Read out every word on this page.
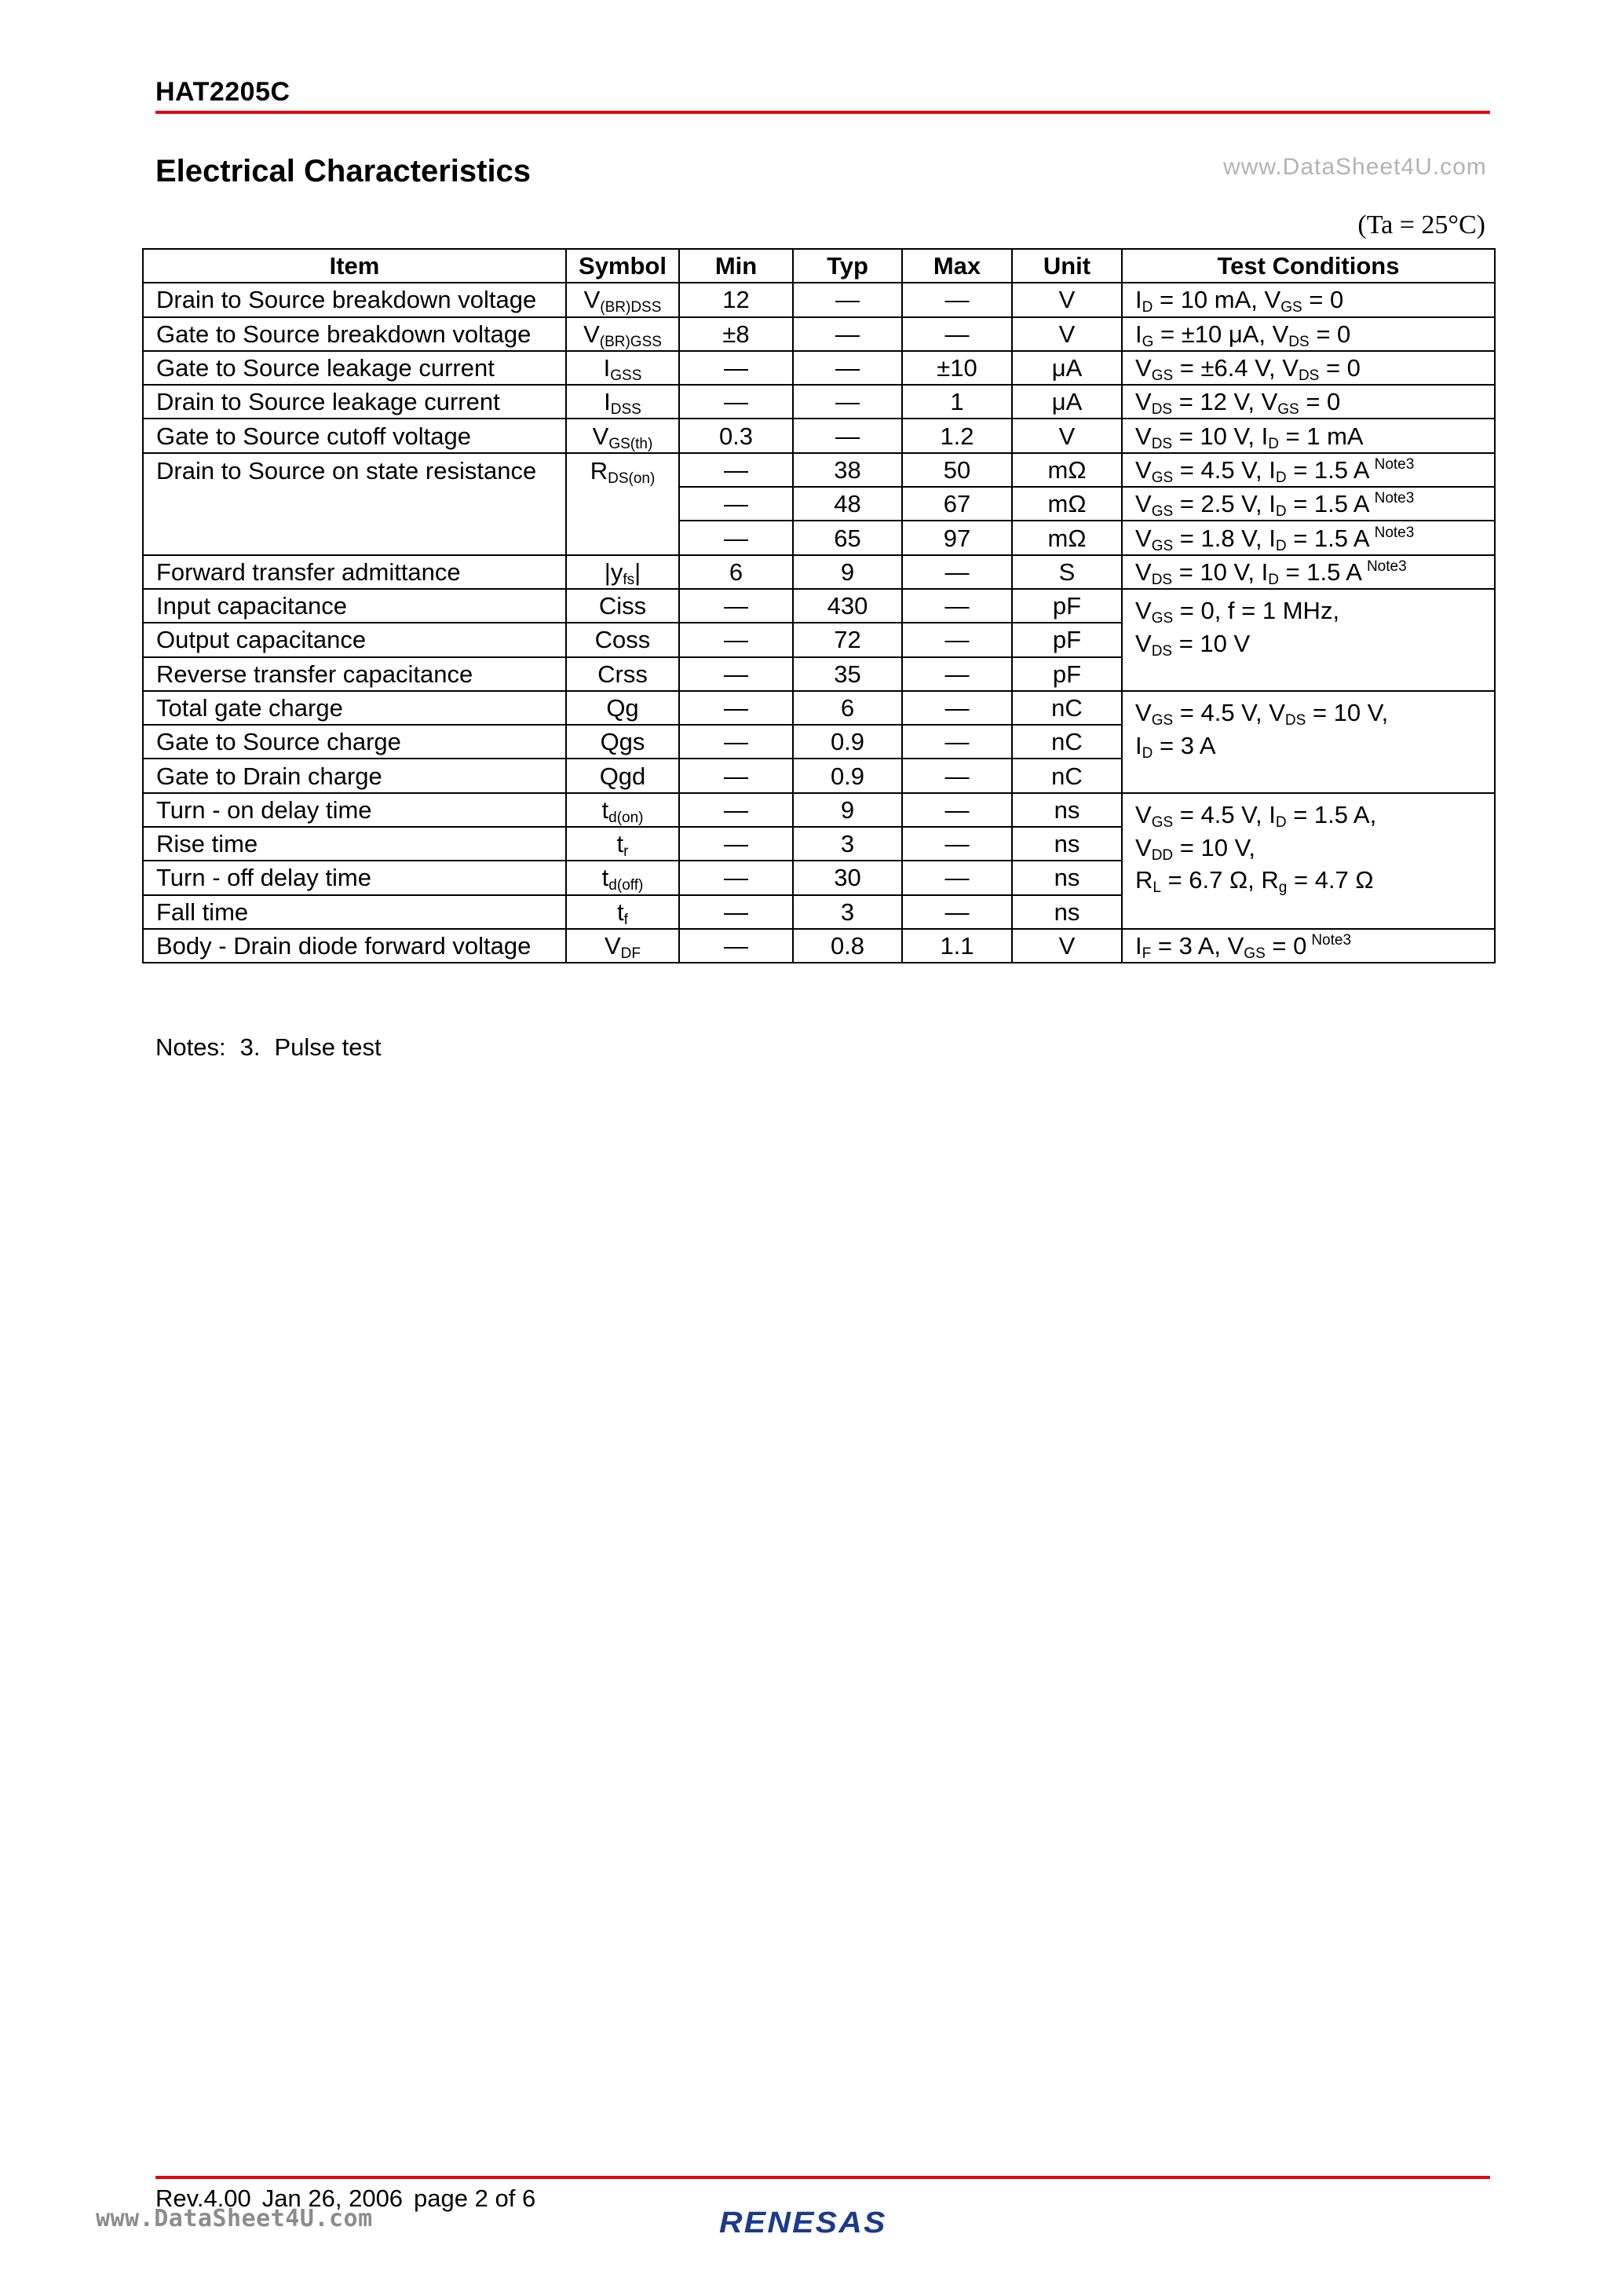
HAT2205C
Electrical Characteristics	www.DataSheet4U.com
(Ta = 25°C)
Item	Symbol	Min	Typ	Max	Unit	Test Conditions
Drain to Source breakdown voltage	$V_{(BR)DSS}$	12	—	—	V	$I_D = 10$ mA, $V_{GS} = 0$
Gate to Source breakdown voltage	$V_{(BR)GSS}$	±8	—	—	V	$I_G = \pm 10$ μA, $V_{DS} = 0$
Gate to Source leakage current	$I_{GSS}$	—	—	±10	μA	$V_{GS} = \pm 6.4$ V, $V_{DS} = 0$
Drain to Source leakage current	$I_{DSS}$	—	—	1	μA	$V_{DS} = 12$ V, $V_{GS} = 0$
Gate to Source cutoff voltage	$V_{GS(th)}$	0.3	—	1.2	V	$V_{DS} = 10$ V, $I_D = 1$ mA
Drain to Source on state resistance	$R_{DS(on)}$	—	38	50	mΩ	$V_{GS} = 4.5$ V, $I_D = 1.5$ A $^{Note3}$
		—	48	67	mΩ	$V_{GS} = 2.5$ V, $I_D = 1.5$ A $^{Note3}$
		—	65	97	mΩ	$V_{GS} = 1.8$ V, $I_D = 1.5$ A $^{Note3}$
Forward transfer admittance	$|y_{fs}|$	6	9	—	S	$V_{DS} = 10$ V, $I_D = 1.5$ A $^{Note3}$
Input capacitance	Ciss	—	430	—	pF	$V_{GS} = 0$, f = 1 MHz,
$V_{DS} = 10$ V
Output capacitance	Coss	—	72	—	pF	
Reverse transfer capacitance	Crss	—	35	—	pF	
Total gate charge	Qg	—	6	—	nC	$V_{GS} = 4.5$ V, $V_{DS} = 10$ V,
$I_D = 3$ A
Gate to Source charge	Qgs	—	0.9	—	nC	
Gate to Drain charge	Qgd	—	0.9	—	nC	
Turn - on delay time	$t_{d(on)}$	—	9	—	ns	$V_{GS} = 4.5$ V, $I_D = 1.5$ A,
$V_{DD} = 10$ V,
$R_L = 6.7$ Ω, $R_g = 4.7$ Ω
Rise time	$t_r$	—	3	—	ns	
Turn - off delay time	$t_{d(off)}$	—	30	—	ns	
Fall time	$t_f$	—	3	—	ns	
Body - Drain diode forward voltage	$V_{DF}$	—	0.8	1.1	V	$I_F = 3$ A, $V_{GS} = 0$ $^{Note3}$
Notes: 3. Pulse test
Rev.4.00 Jan 26, 2006 page 2 of 6
www.DataSheet4U.com	RENESAS
